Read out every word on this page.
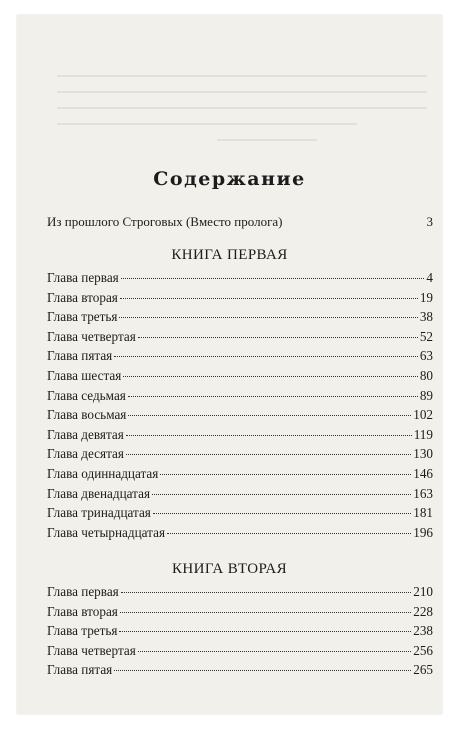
Содержание
Из прошлого Строговых (Вместо пролога)	3
КНИГА ПЕРВАЯ
Глава первая	4
Глава вторая	19
Глава третья	38
Глава четвертая	52
Глава пятая	63
Глава шестая	80
Глава седьмая	89
Глава восьмая	102
Глава девятая	119
Глава десятая	130
Глава одиннадцатая	146
Глава двенадцатая	163
Глава тринадцатая	181
Глава четырнадцатая	196
КНИГА ВТОРАЯ
Глава первая	210
Глава вторая	228
Глава третья	238
Глава четвертая	256
Глава пятая	265
